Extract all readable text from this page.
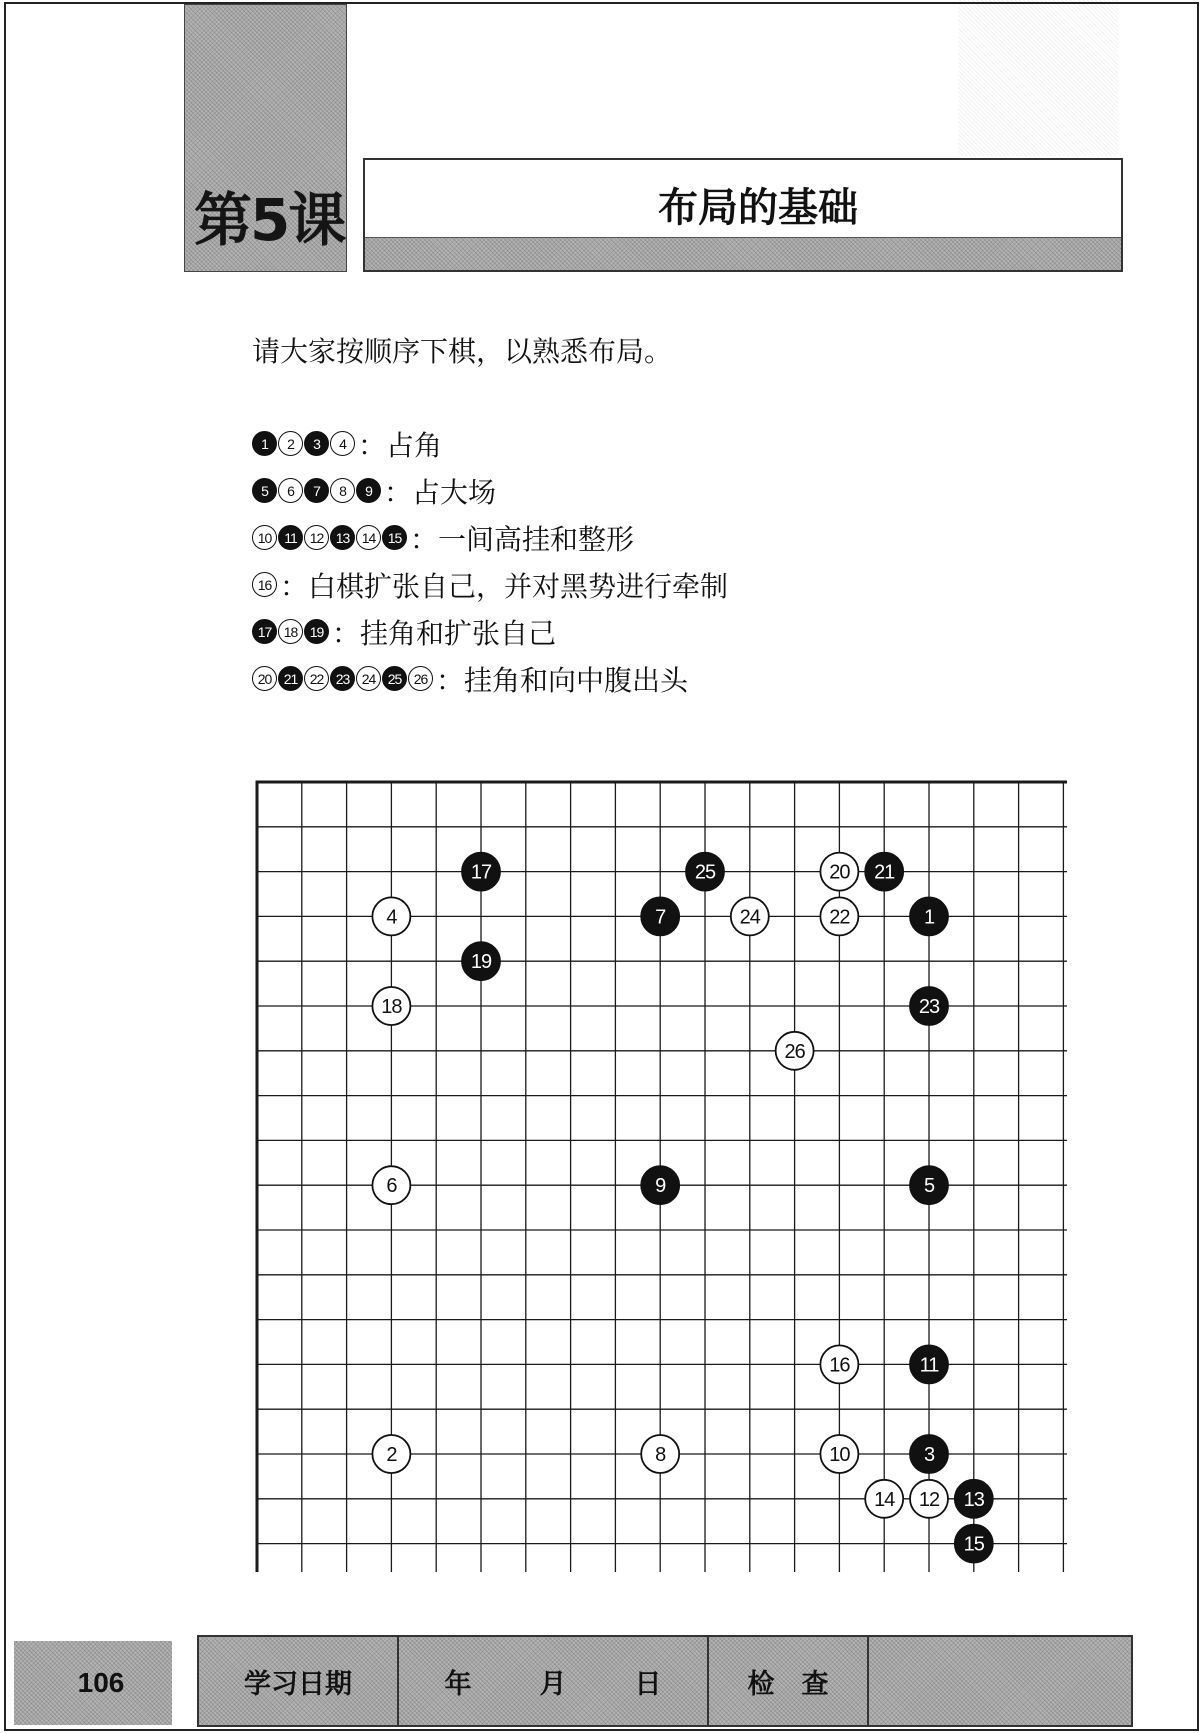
第5课	布局的基础
请大家按顺序下棋，以熟悉布局。
1	2	3	4 ：占角
5	6	7	8	9 ：占大场
10 11 12 13 14 15 ：一间高挂和整形
16 ：白棋扩张自己，并对黑势进行牵制
17 18 19 ：挂角和扩张自己
20 21 22 23 24 25 26 ：挂角和向中腹出头
17	25	20 21
4	7	24	22	1
19
18	23
26
6	9	5
16	11
2	8	10	3
14 12 13
15
106	学习日期	年	月	日	检　查
